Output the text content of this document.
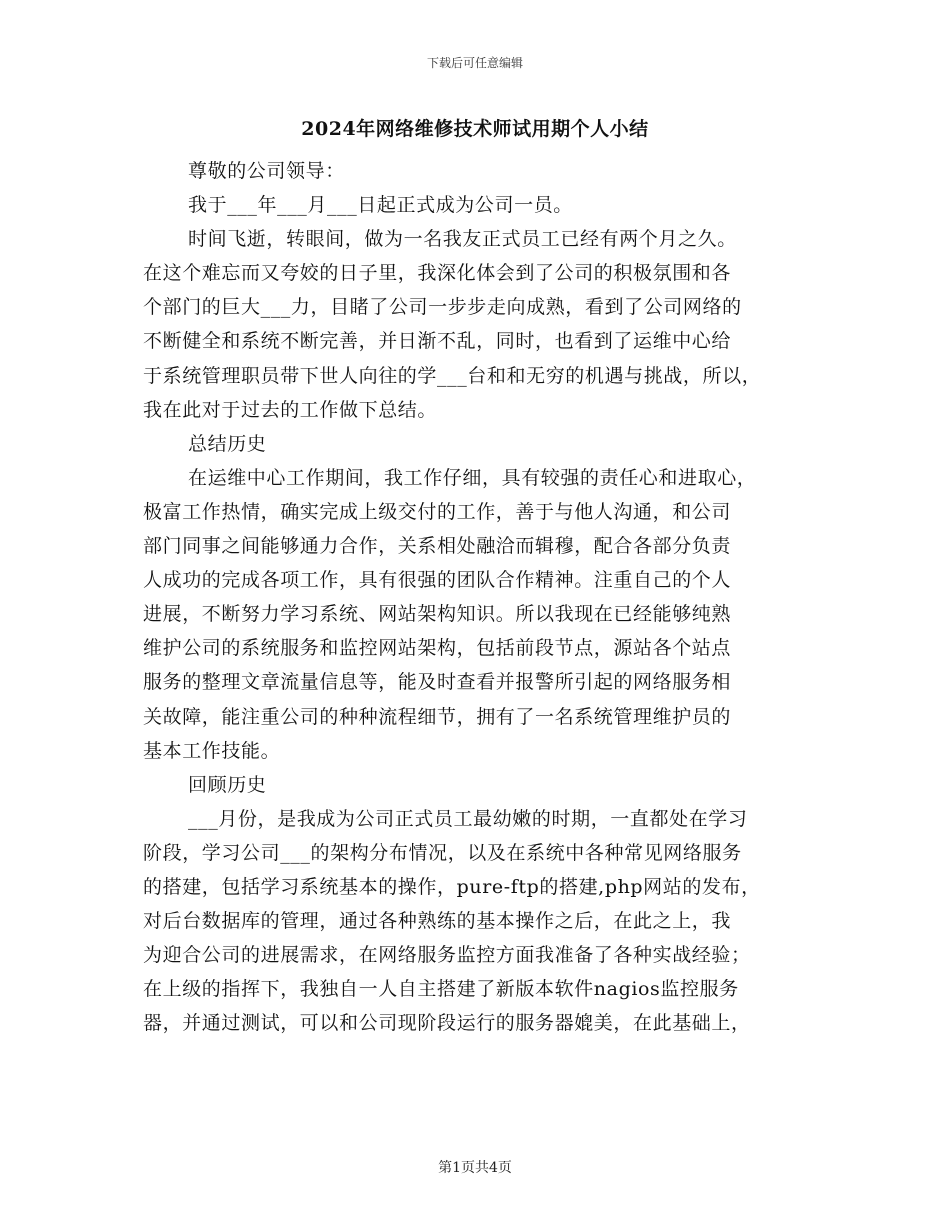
下载后可任意编辑
2024年网络维修技术师试用期个人小结
尊敬的公司领导：
我于___年___月___日起正式成为公司一员。
时间飞逝，转眼间，做为一名我友正式员工已经有两个月之久。
在这个难忘而又夸姣的日子里，我深化体会到了公司的积极氛围和各
个部门的巨大___力，目睹了公司一步步走向成熟，看到了公司网络的
不断健全和系统不断完善，并日渐不乱，同时，也看到了运维中心给
于系统管理职员带下世人向往的学___台和和无穷的机遇与挑战，所以，
我在此对于过去的工作做下总结。
总结历史
在运维中心工作期间，我工作仔细，具有较强的责任心和进取心，
极富工作热情，确实完成上级交付的工作，善于与他人沟通，和公司
部门同事之间能够通力合作，关系相处融洽而辑穆，配合各部分负责
人成功的完成各项工作，具有很强的团队合作精神。注重自己的个人
进展，不断努力学习系统、网站架构知识。所以我现在已经能够纯熟
维护公司的系统服务和监控网站架构，包括前段节点，源站各个站点
服务的整理文章流量信息等，能及时查看并报警所引起的网络服务相
关故障，能注重公司的种种流程细节，拥有了一名系统管理维护员的
基本工作技能。
回顾历史
___月份，是我成为公司正式员工最幼嫩的时期，一直都处在学习
阶段，学习公司___的架构分布情况，以及在系统中各种常见网络服务
的搭建，包括学习系统基本的操作，pure-ftp的搭建,php网站的发布，
对后台数据库的管理，通过各种熟练的基本操作之后，在此之上，我
为迎合公司的进展需求，在网络服务监控方面我准备了各种实战经验；
在上级的指挥下，我独自一人自主搭建了新版本软件nagios监控服务
器，并通过测试，可以和公司现阶段运行的服务器媲美，在此基础上，
第1页共4页
